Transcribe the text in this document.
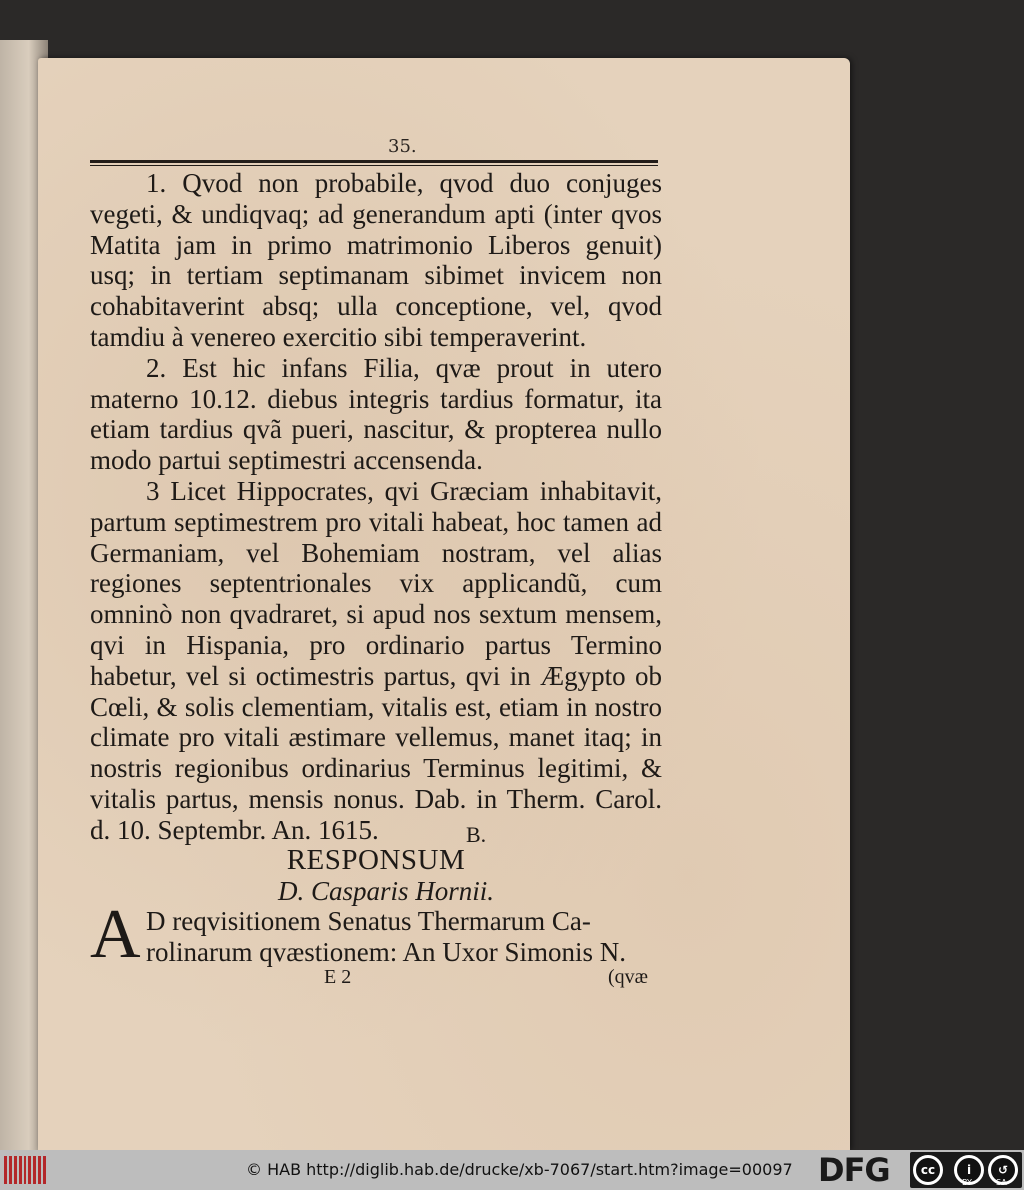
35.

1. Qvod non probabile, qvod duo conjuges vegeti, & undiqvaq; ad generandum apti (inter qvos Matita jam in primo matrimonio Liberos genuit) usq; in tertiam septimanam sibimet invicem non cohabitaverint absq; ulla conceptione, vel, qvod tamdiu à venereo exercitio sibi temperaverint.

2. Est hic infans Filia, qvæ prout in utero materno 10.12. diebus integris tardius formatur, ita etiam tardius qvã pueri, nascitur, & propterea nullo modo partui septimestri accensenda.

3 Licet Hippocrates, qvi Græciam inhabitavit, partum septimestrem pro vitali habeat, hoc tamen ad Germaniam, vel Bohemiam nostram, vel alias regiones septentrionales vix applicandũ, cum omninò non qvadraret, si apud nos sextum mensem, qvi in Hispania, pro ordinario partus Termino habetur, vel si octimestris partus, qvi in Ægypto ob Cœli, & solis clementiam, vitalis est, etiam in nostro climate pro vitali æstimare vellemus, manet itaq; in nostris regionibus ordinarius Terminus legitimi, & vitalis partus, mensis nonus. Dab. in Therm. Carol. d. 10. Septembr. An. 1615.	B.
RESPONSUM
D. Casparis Hornii.
A D reqvisitionem Senatus Thermarum Ca-
rolinarum qvæstionem: An Uxor Simonis N.
E 2	(qvæ
© HAB http://diglib.hab.de/drucke/xb-7067/start.htm?image=00097 DFG	cc	i	↺
BY	SA
